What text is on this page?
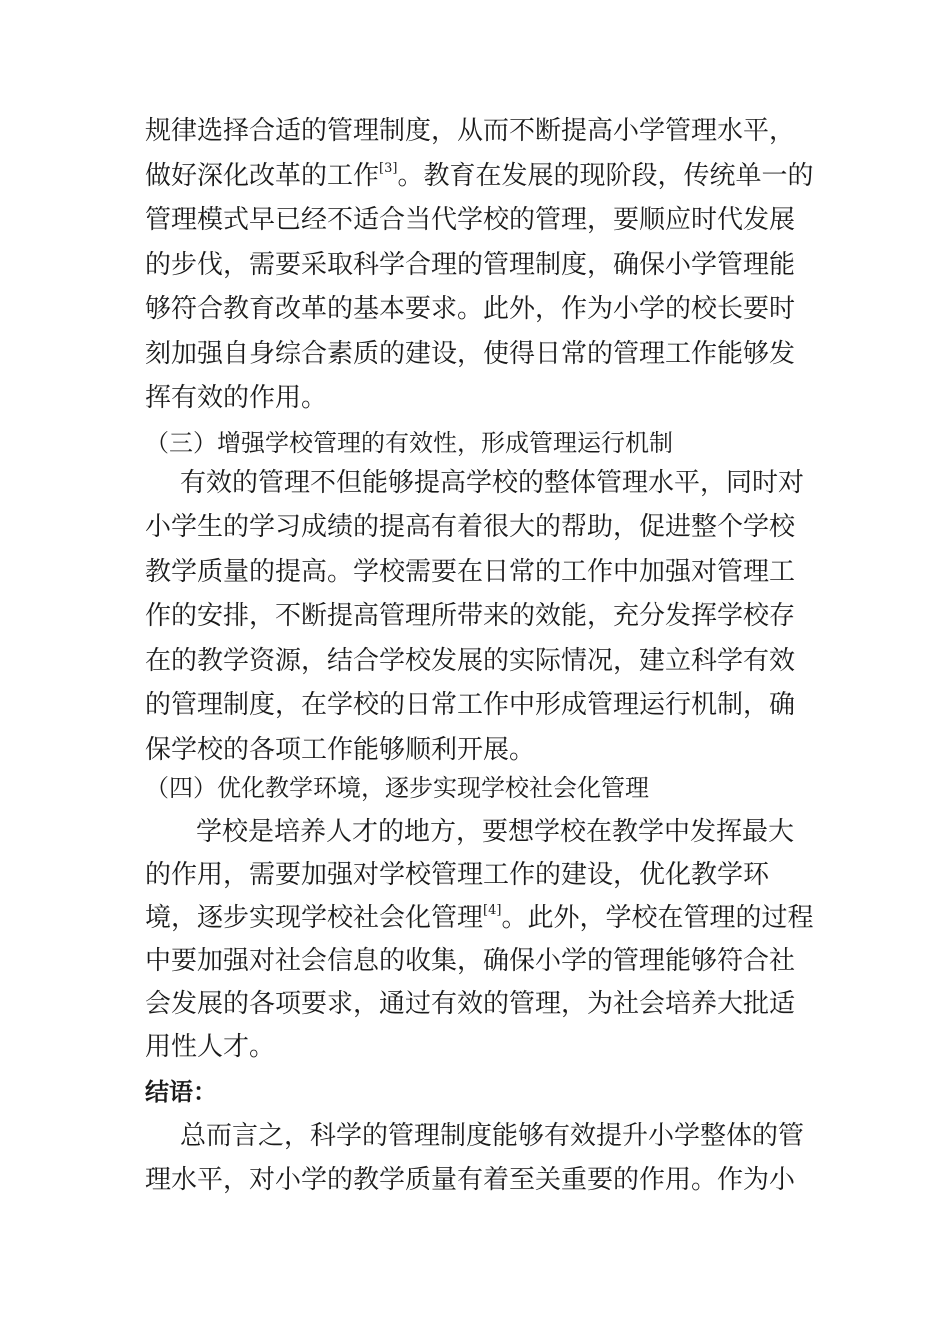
规律选择合适的管理制度，从而不断提高小学管理水平，
做好深化改革的工作[3]。教育在发展的现阶段，传统单一的
管理模式早已经不适合当代学校的管理，要顺应时代发展
的步伐，需要采取科学合理的管理制度，确保小学管理能
够符合教育改革的基本要求。此外，作为小学的校长要时
刻加强自身综合素质的建设，使得日常的管理工作能够发
挥有效的作用。
（三）增强学校管理的有效性，形成管理运行机制
有效的管理不但能够提高学校的整体管理水平，同时对
小学生的学习成绩的提高有着很大的帮助，促进整个学校
教学质量的提高。学校需要在日常的工作中加强对管理工
作的安排，不断提高管理所带来的效能，充分发挥学校存
在的教学资源，结合学校发展的实际情况，建立科学有效
的管理制度，在学校的日常工作中形成管理运行机制，确
保学校的各项工作能够顺利开展。
（四）优化教学环境，逐步实现学校社会化管理
学校是培养人才的地方，要想学校在教学中发挥最大
的作用，需要加强对学校管理工作的建设，优化教学环
境，逐步实现学校社会化管理[4]。此外，学校在管理的过程
中要加强对社会信息的收集，确保小学的管理能够符合社
会发展的各项要求，通过有效的管理，为社会培养大批适
用性人才。
结语：
总而言之，科学的管理制度能够有效提升小学整体的管
理水平，对小学的教学质量有着至关重要的作用。作为小
